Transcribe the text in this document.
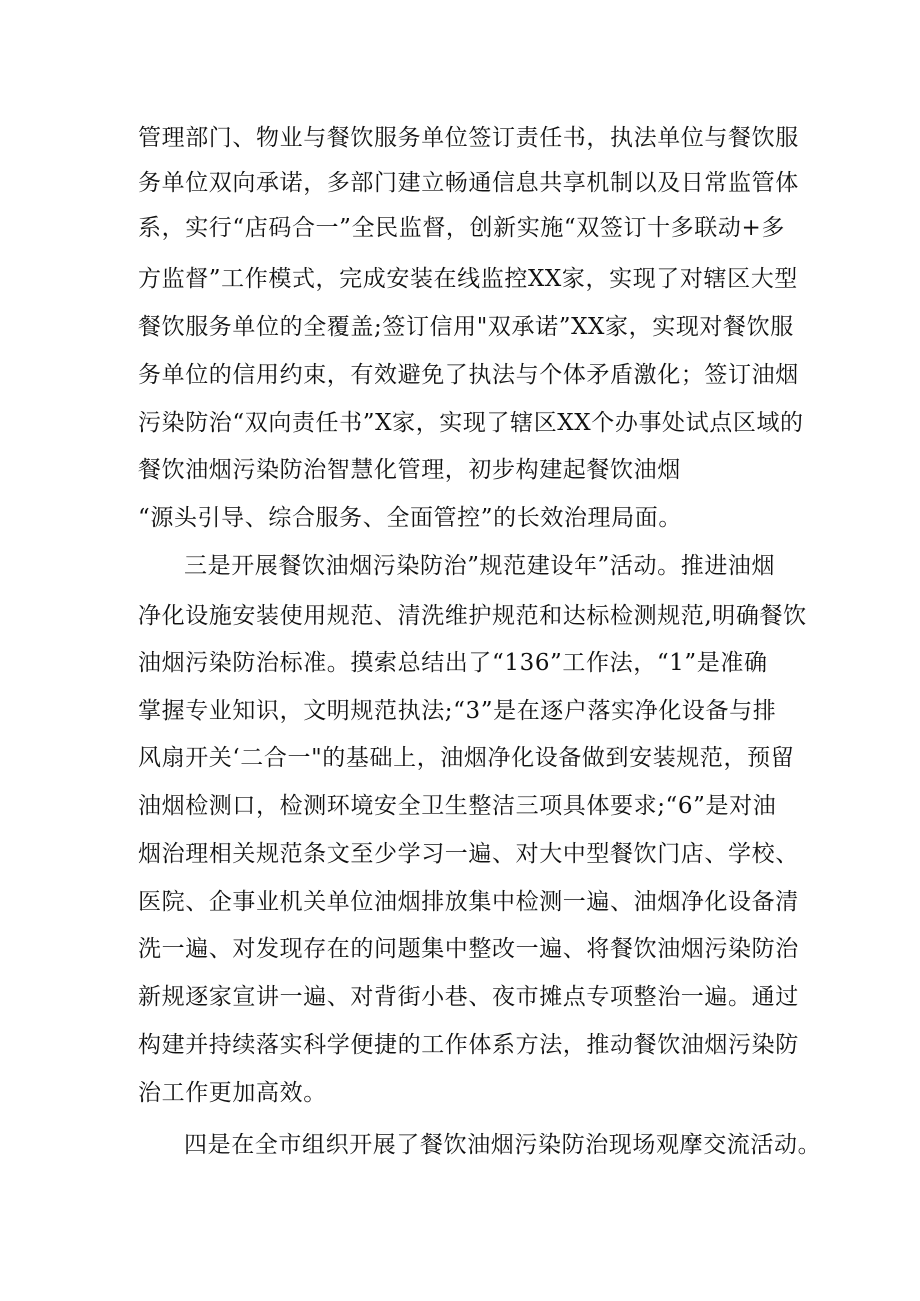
管理部门、物业与餐饮服务单位签订责任书，执法单位与餐饮服
务单位双向承诺，多部门建立畅通信息共享机制以及日常监管体
系，实行“店码合一”全民监督，创新实施“双签订十多联动+多
方监督”工作模式，完成安装在线监控XX家，实现了对辖区大型
餐饮服务单位的全覆盖;签订信用"双承诺”XX家，实现对餐饮服
务单位的信用约束，有效避免了执法与个体矛盾激化；签订油烟
污染防治“双向责任书”X家，实现了辖区XX个办事处试点区域的
餐饮油烟污染防治智慧化管理，初步构建起餐饮油烟
“源头引导、综合服务、全面管控”的长效治理局面。
三是开展餐饮油烟污染防治”规范建设年”活动。推进油烟
净化设施安装使用规范、清洗维护规范和达标检测规范,明确餐饮
油烟污染防治标准。摸索总结出了“136”工作法，“1”是准确
掌握专业知识，文明规范执法;“3”是在逐户落实净化设备与排
风扇开关‘二合一"的基础上，油烟净化设备做到安装规范，预留
油烟检测口，检测环境安全卫生整洁三项具体要求;“6”是对油
烟治理相关规范条文至少学习一遍、对大中型餐饮门店、学校、
医院、企事业机关单位油烟排放集中检测一遍、油烟净化设备清
洗一遍、对发现存在的问题集中整改一遍、将餐饮油烟污染防治
新规逐家宣讲一遍、对背街小巷、夜市摊点专项整治一遍。通过
构建并持续落实科学便捷的工作体系方法，推动餐饮油烟污染防
治工作更加高效。
四是在全市组织开展了餐饮油烟污染防治现场观摩交流活动。
